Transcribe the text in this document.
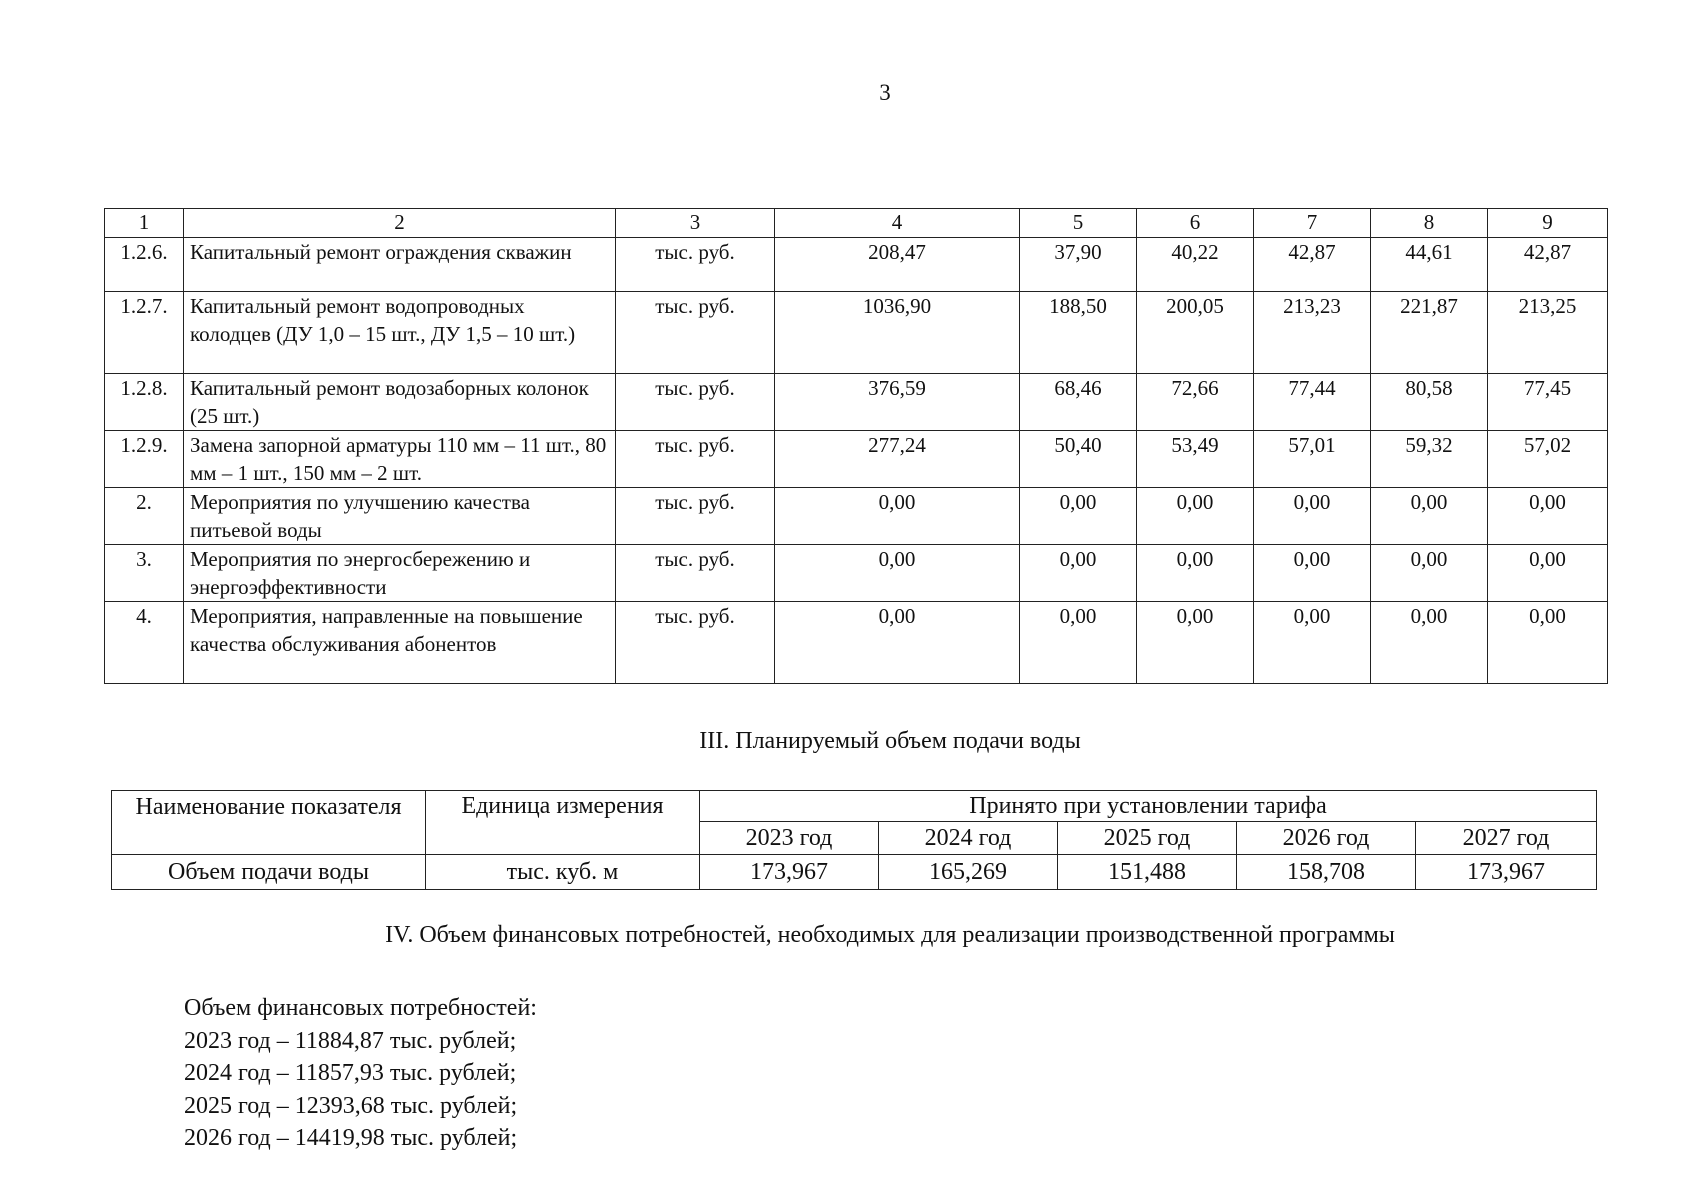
3
1	2	3	4	5	6	7	8	9
1.2.6.	Капитальный ремонт ограждения скважин	тыс. руб.	208,47	37,90	40,22	42,87	44,61	42,87
1.2.7.	Капитальный ремонт водопроводных колодцев (ДУ 1,0 – 15 шт., ДУ 1,5 – 10 шт.)	тыс. руб.	1036,90	188,50	200,05	213,23	221,87	213,25
1.2.8.	Капитальный ремонт водозаборных колонок (25 шт.)	тыс. руб.	376,59	68,46	72,66	77,44	80,58	77,45
1.2.9.	Замена запорной арматуры 110 мм – 11 шт., 80 мм – 1 шт., 150 мм – 2 шт.	тыс. руб.	277,24	50,40	53,49	57,01	59,32	57,02
2.	Мероприятия по улучшению качества питьевой воды	тыс. руб.	0,00	0,00	0,00	0,00	0,00	0,00
3.	Мероприятия по энергосбережению и энергоэффективности	тыс. руб.	0,00	0,00	0,00	0,00	0,00	0,00
4.	Мероприятия, направленные на повышение качества обслуживания абонентов	тыс. руб.	0,00	0,00	0,00	0,00	0,00	0,00
III. Планируемый объем подачи воды
Наименование показателя	Единица измерения	Принято при установлении тарифа				
		2023 год	2024 год	2025 год	2026 год	2027 год
Объем подачи воды	тыс. куб. м	173,967	165,269	151,488	158,708	173,967
IV. Объем финансовых потребностей, необходимых для реализации производственной программы
Объем финансовых потребностей:
2023 год – 11884,87 тыс. рублей;
2024 год – 11857,93 тыс. рублей;
2025 год – 12393,68 тыс. рублей;
2026 год – 14419,98 тыс. рублей;
